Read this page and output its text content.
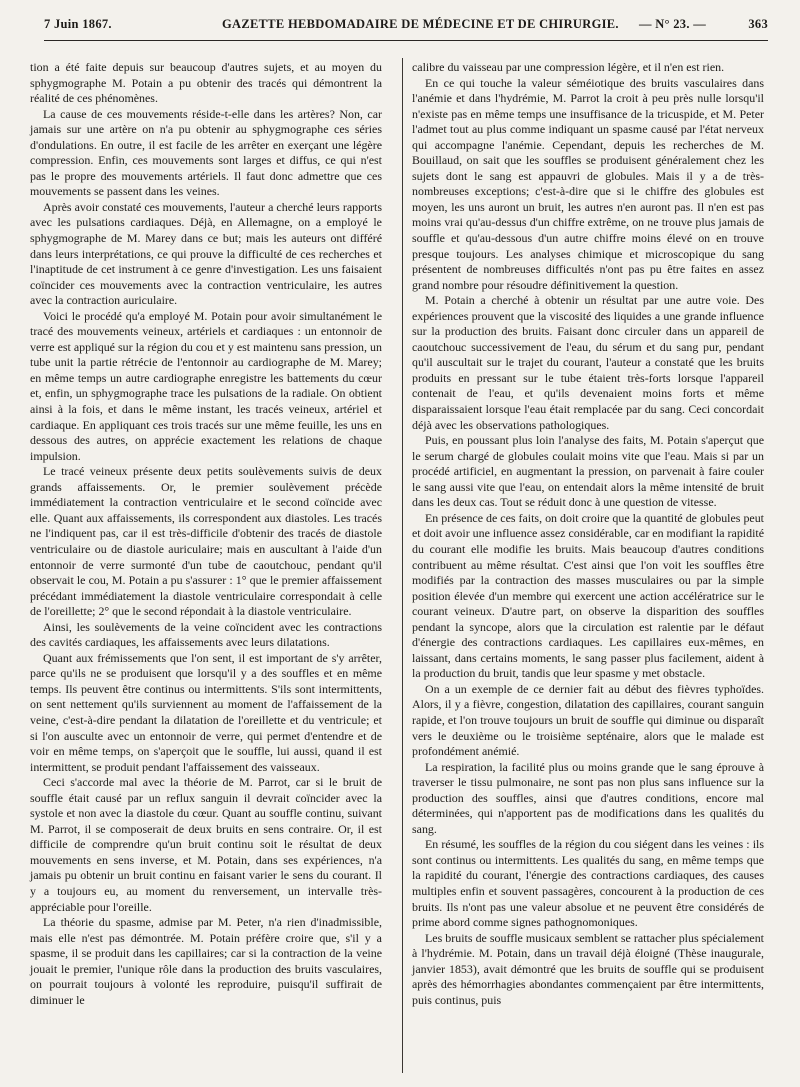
7 Juin 1867.	GAZETTE HEBDOMADAIRE DE MÉDECINE ET DE CHIRURGIE. — N° 23. —	363

tion a été faite depuis sur beaucoup d'autres sujets, et au moyen du sphygmographe M. Potain a pu obtenir des tracés qui démontrent la réalité de ces phénomènes.

La cause de ces mouvements réside-t-elle dans les artères? Non, car jamais sur une artère on n'a pu obtenir au sphygmographe ces séries d'ondulations. En outre, il est facile de les arrêter en exerçant une légère compression. Enfin, ces mouvements sont larges et diffus, ce qui n'est pas le propre des mouvements artériels. Il faut donc admettre que ces mouvements se passent dans les veines.

Après avoir constaté ces mouvements, l'auteur a cherché leurs rapports avec les pulsations cardiaques. Déjà, en Allemagne, on a employé le sphygmographe de M. Marey dans ce but; mais les auteurs ont différé dans leurs interprétations, ce qui prouve la difficulté de ces recherches et l'inaptitude de cet instrument à ce genre d'investigation. Les uns faisaient coïncider ces mouvements avec la contraction ventriculaire, les autres avec la contraction auriculaire.

Voici le procédé qu'a employé M. Potain pour avoir simultanément le tracé des mouvements veineux, artériels et cardiaques : un entonnoir de verre est appliqué sur la région du cou et y est maintenu sans pression, un tube unit la partie rétrécie de l'entonnoir au cardiographe de M. Marey; en même temps un autre cardiographe enregistre les battements du cœur et, enfin, un sphygmographe trace les pulsations de la radiale. On obtient ainsi à la fois, et dans le même instant, les tracés veineux, artériel et cardiaque. En appliquant ces trois tracés sur une même feuille, les uns en dessous des autres, on apprécie exactement les relations de chaque impulsion.

Le tracé veineux présente deux petits soulèvements suivis de deux grands affaissements. Or, le premier soulèvement précède immédiatement la contraction ventriculaire et le second coïncide avec elle. Quant aux affaissements, ils correspondent aux diastoles. Les tracés ne l'indiquent pas, car il est très-difficile d'obtenir des tracés de diastole ventriculaire ou de diastole auriculaire; mais en auscultant à l'aide d'un entonnoir de verre surmonté d'un tube de caoutchouc, pendant qu'il observait le cou, M. Potain a pu s'assurer : 1° que le premier affaissement précédant immédiatement la diastole ventriculaire correspondait à celle de l'oreillette; 2° que le second répondait à la diastole ventriculaire.

Ainsi, les soulèvements de la veine coïncident avec les contractions des cavités cardiaques, les affaissements avec leurs dilatations.

Quant aux frémissements que l'on sent, il est important de s'y arrêter, parce qu'ils ne se produisent que lorsqu'il y a des souffles et en même temps. Ils peuvent être continus ou intermittents. S'ils sont intermittents, on sent nettement qu'ils surviennent au moment de l'affaissement de la veine, c'est-à-dire pendant la dilatation de l'oreillette et du ventricule; et si l'on ausculte avec un entonnoir de verre, qui permet d'entendre et de voir en même temps, on s'aperçoit que le souffle, lui aussi, quand il est intermittent, se produit pendant l'affaissement des vaisseaux.

Ceci s'accorde mal avec la théorie de M. Parrot, car si le bruit de souffle était causé par un reflux sanguin il devrait coïncider avec la systole et non avec la diastole du cœur. Quant au souffle continu, suivant M. Parrot, il se composerait de deux bruits en sens contraire. Or, il est difficile de comprendre qu'un bruit continu soit le résultat de deux mouvements en sens inverse, et M. Potain, dans ses expériences, n'a jamais pu obtenir un bruit continu en faisant varier le sens du courant. Il y a toujours eu, au moment du renversement, un intervalle très-appréciable pour l'oreille.

La théorie du spasme, admise par M. Peter, n'a rien d'inadmissible, mais elle n'est pas démontrée. M. Potain préfère croire que, s'il y a spasme, il se produit dans les capillaires; car si la contraction de la veine jouait le premier, l'unique rôle dans la production des bruits vasculaires, on pourrait toujours à volonté les reproduire, puisqu'il suffirait de diminuer le

calibre du vaisseau par une compression légère, et il n'en est rien.

En ce qui touche la valeur séméiotique des bruits vasculaires dans l'anémie et dans l'hydrémie, M. Parrot la croit à peu près nulle lorsqu'il n'existe pas en même temps une insuffisance de la tricuspide, et M. Peter l'admet tout au plus comme indiquant un spasme causé par l'état nerveux qui accompagne l'anémie. Cependant, depuis les recherches de M. Bouillaud, on sait que les souffles se produisent généralement chez les sujets dont le sang est appauvri de globules. Mais il y a de très-nombreuses exceptions; c'est-à-dire que si le chiffre des globules est moyen, les uns auront un bruit, les autres n'en auront pas. Il n'en est pas moins vrai qu'au-dessus d'un chiffre extrême, on ne trouve plus jamais de souffle et qu'au-dessous d'un autre chiffre moins élevé on en trouve presque toujours. Les analyses chimique et microscopique du sang présentent de nombreuses difficultés n'ont pas pu être faites en assez grand nombre pour résoudre définitivement la question.

M. Potain a cherché à obtenir un résultat par une autre voie. Des expériences prouvent que la viscosité des liquides a une grande influence sur la production des bruits. Faisant donc circuler dans un appareil de caoutchouc successivement de l'eau, du sérum et du sang pur, pendant qu'il auscultait sur le trajet du courant, l'auteur a constaté que les bruits produits en pressant sur le tube étaient très-forts lorsque l'appareil contenait de l'eau, et qu'ils devenaient moins forts et même disparaissaient lorsque l'eau était remplacée par du sang. Ceci concordait déjà avec les observations pathologiques.

Puis, en poussant plus loin l'analyse des faits, M. Potain s'aperçut que le serum chargé de globules coulait moins vite que l'eau. Mais si par un procédé artificiel, en augmentant la pression, on parvenait à faire couler le sang aussi vite que l'eau, on entendait alors la même intensité de bruit dans les deux cas. Tout se réduit donc à une question de vitesse.

En présence de ces faits, on doit croire que la quantité de globules peut et doit avoir une influence assez considérable, car en modifiant la rapidité du courant elle modifie les bruits. Mais beaucoup d'autres conditions contribuent au même résultat. C'est ainsi que l'on voit les souffles être modifiés par la contraction des masses musculaires ou par la simple position élevée d'un membre qui exercent une action accélératrice sur le courant veineux. D'autre part, on observe la disparition des souffles pendant la syncope, alors que la circulation est ralentie par le défaut d'énergie des contractions cardiaques. Les capillaires eux-mêmes, en laissant, dans certains moments, le sang passer plus facilement, aident à la production du bruit, tandis que leur spasme y met obstacle.

On a un exemple de ce dernier fait au début des fièvres typhoïdes. Alors, il y a fièvre, congestion, dilatation des capillaires, courant sanguin rapide, et l'on trouve toujours un bruit de souffle qui diminue ou disparaît vers le deuxième ou le troisième septénaire, alors que le malade est profondément anémié.

La respiration, la facilité plus ou moins grande que le sang éprouve à traverser le tissu pulmonaire, ne sont pas non plus sans influence sur la production des souffles, ainsi que d'autres conditions, encore mal déterminées, qui n'apportent pas de modifications dans les qualités du sang.

En résumé, les souffles de la région du cou siégent dans les veines : ils sont continus ou intermittents. Les qualités du sang, en même temps que la rapidité du courant, l'énergie des contractions cardiaques, des causes multiples enfin et souvent passagères, concourent à la production de ces bruits. Ils n'ont pas une valeur absolue et ne peuvent être considérés de prime abord comme signes pathognomoniques.

Les bruits de souffle musicaux semblent se rattacher plus spécialement à l'hydrémie. M. Potain, dans un travail déjà éloigné (Thèse inaugurale, janvier 1853), avait démontré que les bruits de souffle qui se produisent après des hémorrhagies abondantes commençaient par être intermittents, puis continus, puis
